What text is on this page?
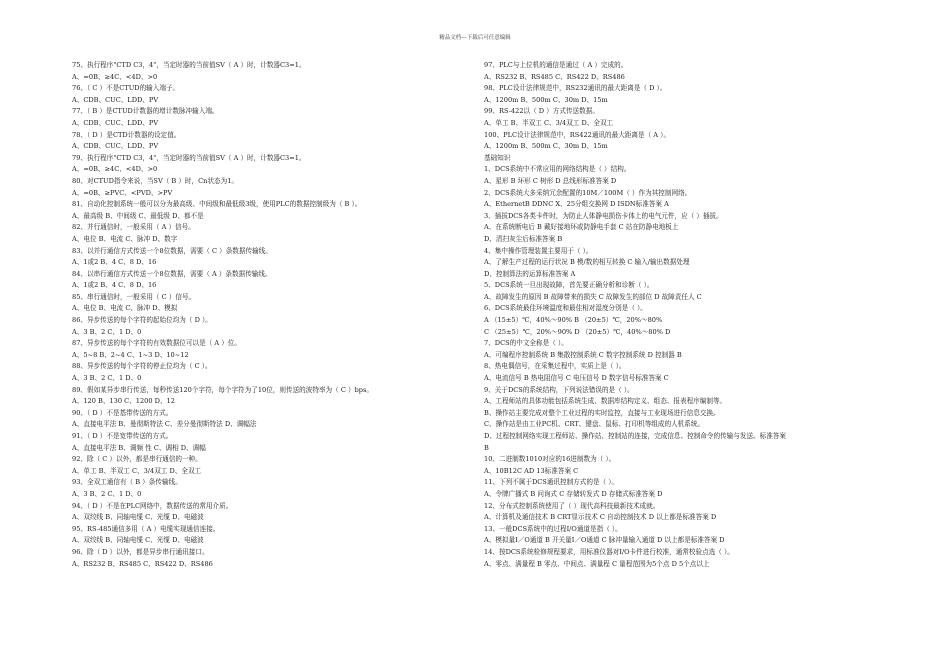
精品文档---下载后可任意编辑
75、执行程序"CTD C3，4"，当定时器的当前值SV（ A ）时，计数器C3=1。
A、=0B、≥4C、<4D、>0
76、（ C ）不是CTUD的输入端子。
A、CDB、CUC、LDD、PV
77、（ B ）是CTUD计数器的增计数脉冲输入端。
A、CDB、CUC、LDD、PV
78、（ D ）是CTD计数器的设定值。
A、CDB、CUC、LDD、PV
79、执行程序"CTD C3，4"，当定时器的当前值SV（ A ）时，计数器C3=1。
A、=0B、≥4C、<4D、>0
80、对CTUD指令来说，当SV（ B ）时，Cn状态为1。
A、=0B、≥PVC、<PVD、>PV
81、自动化控制系统一般可以分为最高级、中间级和最低级3级，使用PLC的数据控制级为（ B ）。
A、最高级 B、中间级 C、最低级 D、都不是
82、并行通信时，一般采用（ A ）信号。
A、电位 B、电流 C、脉冲 D、数字
83、以并行通信方式传送一个8位数据，需要（ C ）条数据传输线。
A、1或2 B、4 C、8 D、16
84、以串行通信方式传送一个8位数据，需要（ A ）条数据传输线。
A、1或2 B、4 C、8 D、16
85、串行通信时，一般采用（ C ）信号。
A、电位 B、电流 C、脉冲 D、模拟
86、异步传送的每个字符的起始位均为（ D ）。
A、3 B、2 C、1 D、0
87、异步传送的每个字符的有效数据位可以是（ A ）位。
A、5~8 B、2~4 C、1~3 D、10~12
88、异步传送的每个字符的停止位均为（ C ）。
A、3 B、2 C、1 D、0
89、假如某异步串行传送，每秒传送120个字符，每个字符为了10位，则传送的波特率为（ C ）bps。
A、120 B、130 C、1200 D、12
90、（ D ）不是基带传送的方式。
A、直接电平法 B、曼彻斯特法 C、差分曼彻斯特法 D、调幅法
91、（ D ）不是宽带传送的方式。
A、直接电平法 B、调频 性 C、调相 D、调幅
92、除（ C ）以外，都是串行通信的一种。
A、单工 B、半双工 C、3/4双工 D、全双工
93、全双工通信有（ B ）条传输线。
A、3 B、2 C、1 D、0
94、（ D ）不是在PLC网络中，数据传送的常用介质。
A、双绞线 B、同轴电缆 C、光缆 D、电磁波
95、RS-485通信多用（ A ）电缆实现通信连接。
A、双绞线 B、同轴电缆 C、光缆 D、电磁波
96、除（ D ）以外，都是异步串行通讯接口。
A、RS232 B、RS485 C、RS422 D、RS486
97、PLC与上位机的通信是通过（ A ）完成的。
A、RS232 B、RS485 C、RS422 D、RS486
98、PLC设计法律规范中，RS232通讯的最大距离是（ D ）。
A、1200m B、500m C、30m D、15m
99、RS-422以（ D ）方式传送数据。
A、单工 B、半双工 C、3/4双工 D、全双工
100、PLC设计法律规范中，RS422通讯的最大距离是（ A ）。
A、1200m B、500m C、30m D、15m
基础知识
1、DCS系统中不常应用的网络结构是（ ）结构。
A、星形 B 环形 C 树形 D 总线形标准答案 D
2、DCS系统大多采纳冗余配置的10M／100M（ ）作为其控制网络。
A、EthernetB DDNC X、25分组交换网 D ISDN标准答案 A
3、插拔DCS各类卡件时，为防止人体静电损伤卡体上的电气元件，应（ ）插拔。
A、在系统断电后 B 戴好接地环或防静电手套 C 站在防静电地板上
D、清扫灰尘后标准答案 B
4、集中操作管理装置主要用于（ ）。
A、了解生产过程的运行状况 B 模/数的相互转换 C 输入/输出数据处理
D、控制算法的运算标准答案 A
5、DCS系统一旦出现故障，首先要正确分析和诊断（ ）。
A、故障发生的原因 B 故障带来的损失 C 故障发生的部位 D 故障责任人 C
6、DCS系统最佳环境温度和最佳相对湿度分别是（ ）。
A （15±5）℃，40%～90% B （20±5）℃，20%～80%
C （25±5）℃，20%～90% D （20±5）℃，40%～80% D
7、DCS的中文全称是（ ）。
A、可编程序控制系统 B 集散控制系统 C 数字控制系统 D 控制器 B
8、热电偶信号，在采集过程中，实质上是（ ）。
A、电流信号 B 热电阻信号 C 电压信号 D 数字信号标准答案 C
9、关于DCS的系统结构，下列说法错误的是（ ）。
A、工程师站的具体功能包括系统生成、数据库结构定义、组态、报表程序编制等。
B、操作站主要完成对整个工业过程的实时监控，直接与工业现场进行信息交换。
C、操作站是由工业PC机、CRT、键盘、鼠标、打印机等组成的人机系统。
D、过程控制网络实现工程师站、操作站、控制站的连接，完成信息、控制命令的传输与发送。标准答案
B
10、二进制数1010对应的16进制数为（ ）。
A、10B12C AD 13标准答案 C
11、下列不属于DCS通讯控制方式的是（ ）。
A、令牌广播式 B 问询式 C 存储转发式 D 存储式标准答案 D
12、分布式控制系统使用了（ ）现代高科技最新技术成就。
A、计算机及通信技术 B CRT显示技术 C 自动控制技术 D 以上都是标准答案 D
13、一般DCS系统中的过程I/O通道是指（ ）。
A、模拟量I／O通道 B 开关量I／O通道 C 脉冲量输入通道 D 以上都是标准答案 D
14、按DCS系统检修规程要求，用标准仪器对I/O卡件进行校准，通常校验点选（ ）。
A、零点、满量程 B 零点、中间点、满量程 C 量程范围为5个点 D 5个点以上
